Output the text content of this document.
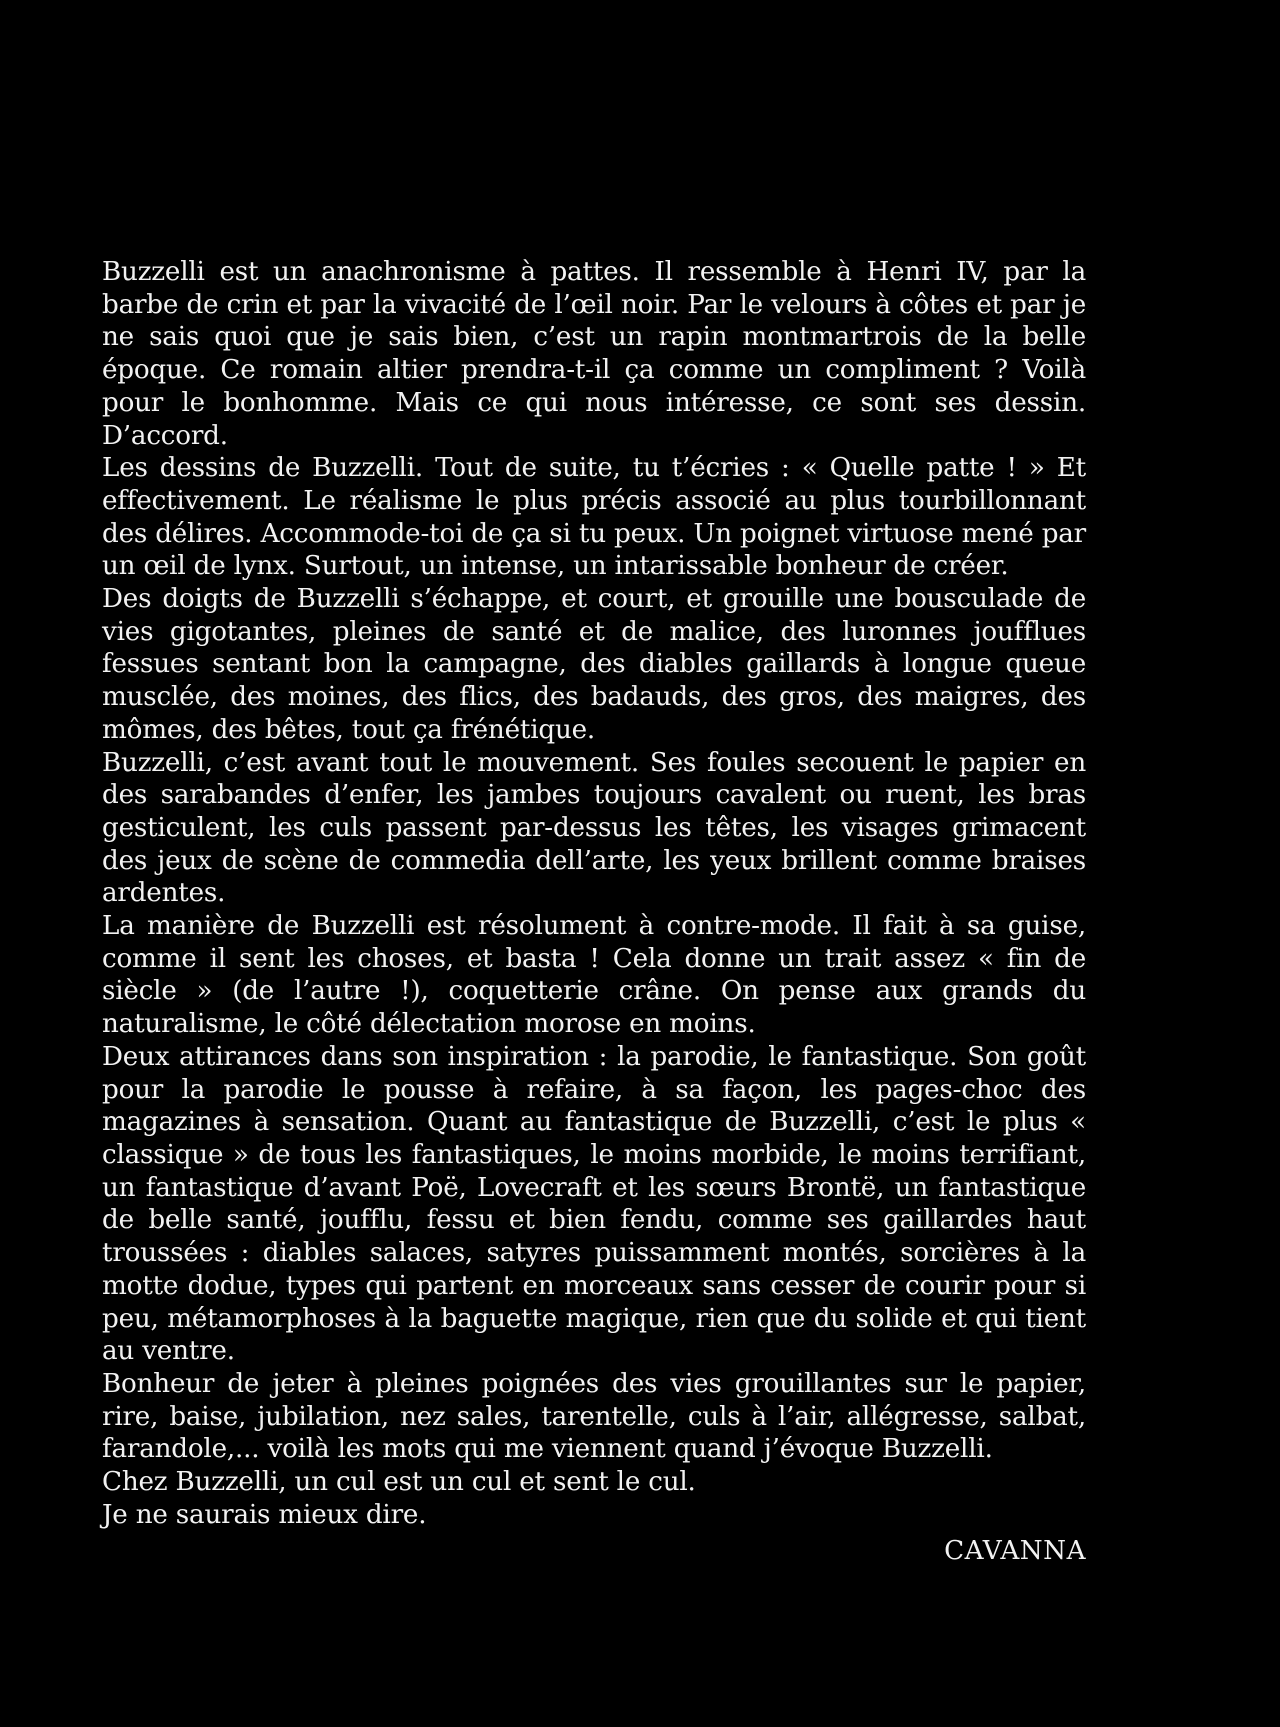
Buzzelli est un anachronisme à pattes. Il ressemble à Henri IV, par la barbe de crin et par la vivacité de l’œil noir. Par le velours à côtes et par je ne sais quoi que je sais bien, c’est un rapin montmartrois de la belle époque. Ce romain altier prendra-t-il ça comme un compliment ? Voilà pour le bonhomme. Mais ce qui nous intéresse, ce sont ses dessin. D’accord.

Les dessins de Buzzelli. Tout de suite, tu t’écries : « Quelle patte ! » Et effectivement. Le réalisme le plus précis associé au plus tourbillonnant des délires. Accommode-toi de ça si tu peux. Un poignet virtuose mené par un œil de lynx. Surtout, un intense, un intarissable bonheur de créer.

Des doigts de Buzzelli s’échappe, et court, et grouille une bousculade de vies gigotantes, pleines de santé et de malice, des luronnes joufflues fessues sentant bon la campagne, des diables gaillards à longue queue musclée, des moines, des flics, des badauds, des gros, des maigres, des mômes, des bêtes, tout ça frénétique.

Buzzelli, c’est avant tout le mouvement. Ses foules secouent le papier en des sarabandes d’enfer, les jambes toujours cavalent ou ruent, les bras gesticulent, les culs passent par-dessus les têtes, les visages grimacent des jeux de scène de commedia dell’arte, les yeux brillent comme braises ardentes.

La manière de Buzzelli est résolument à contre-mode. Il fait à sa guise, comme il sent les choses, et basta ! Cela donne un trait assez « fin de siècle » (de l’autre !), coquetterie crâne. On pense aux grands du naturalisme, le côté délectation morose en moins.

Deux attirances dans son inspiration : la parodie, le fantastique. Son goût pour la parodie le pousse à refaire, à sa façon, les pages-choc des magazines à sensation. Quant au fantastique de Buzzelli, c’est le plus « classique » de tous les fantastiques, le moins morbide, le moins terrifiant, un fantastique d’avant Poë, Lovecraft et les sœurs Brontë, un fantastique de belle santé, joufflu, fessu et bien fendu, comme ses gaillardes haut troussées : diables salaces, satyres puissamment montés, sorcières à la motte dodue, types qui partent en morceaux sans cesser de courir pour si peu, métamorphoses à la baguette magique, rien que du solide et qui tient au ventre.

Bonheur de jeter à pleines poignées des vies grouillantes sur le papier, rire, baise, jubilation, nez sales, tarentelle, culs à l’air, allégresse, salbat, farandole,... voilà les mots qui me viennent quand j’évoque Buzzelli.

Chez Buzzelli, un cul est un cul et sent le cul.

Je ne saurais mieux dire.

CAVANNA
